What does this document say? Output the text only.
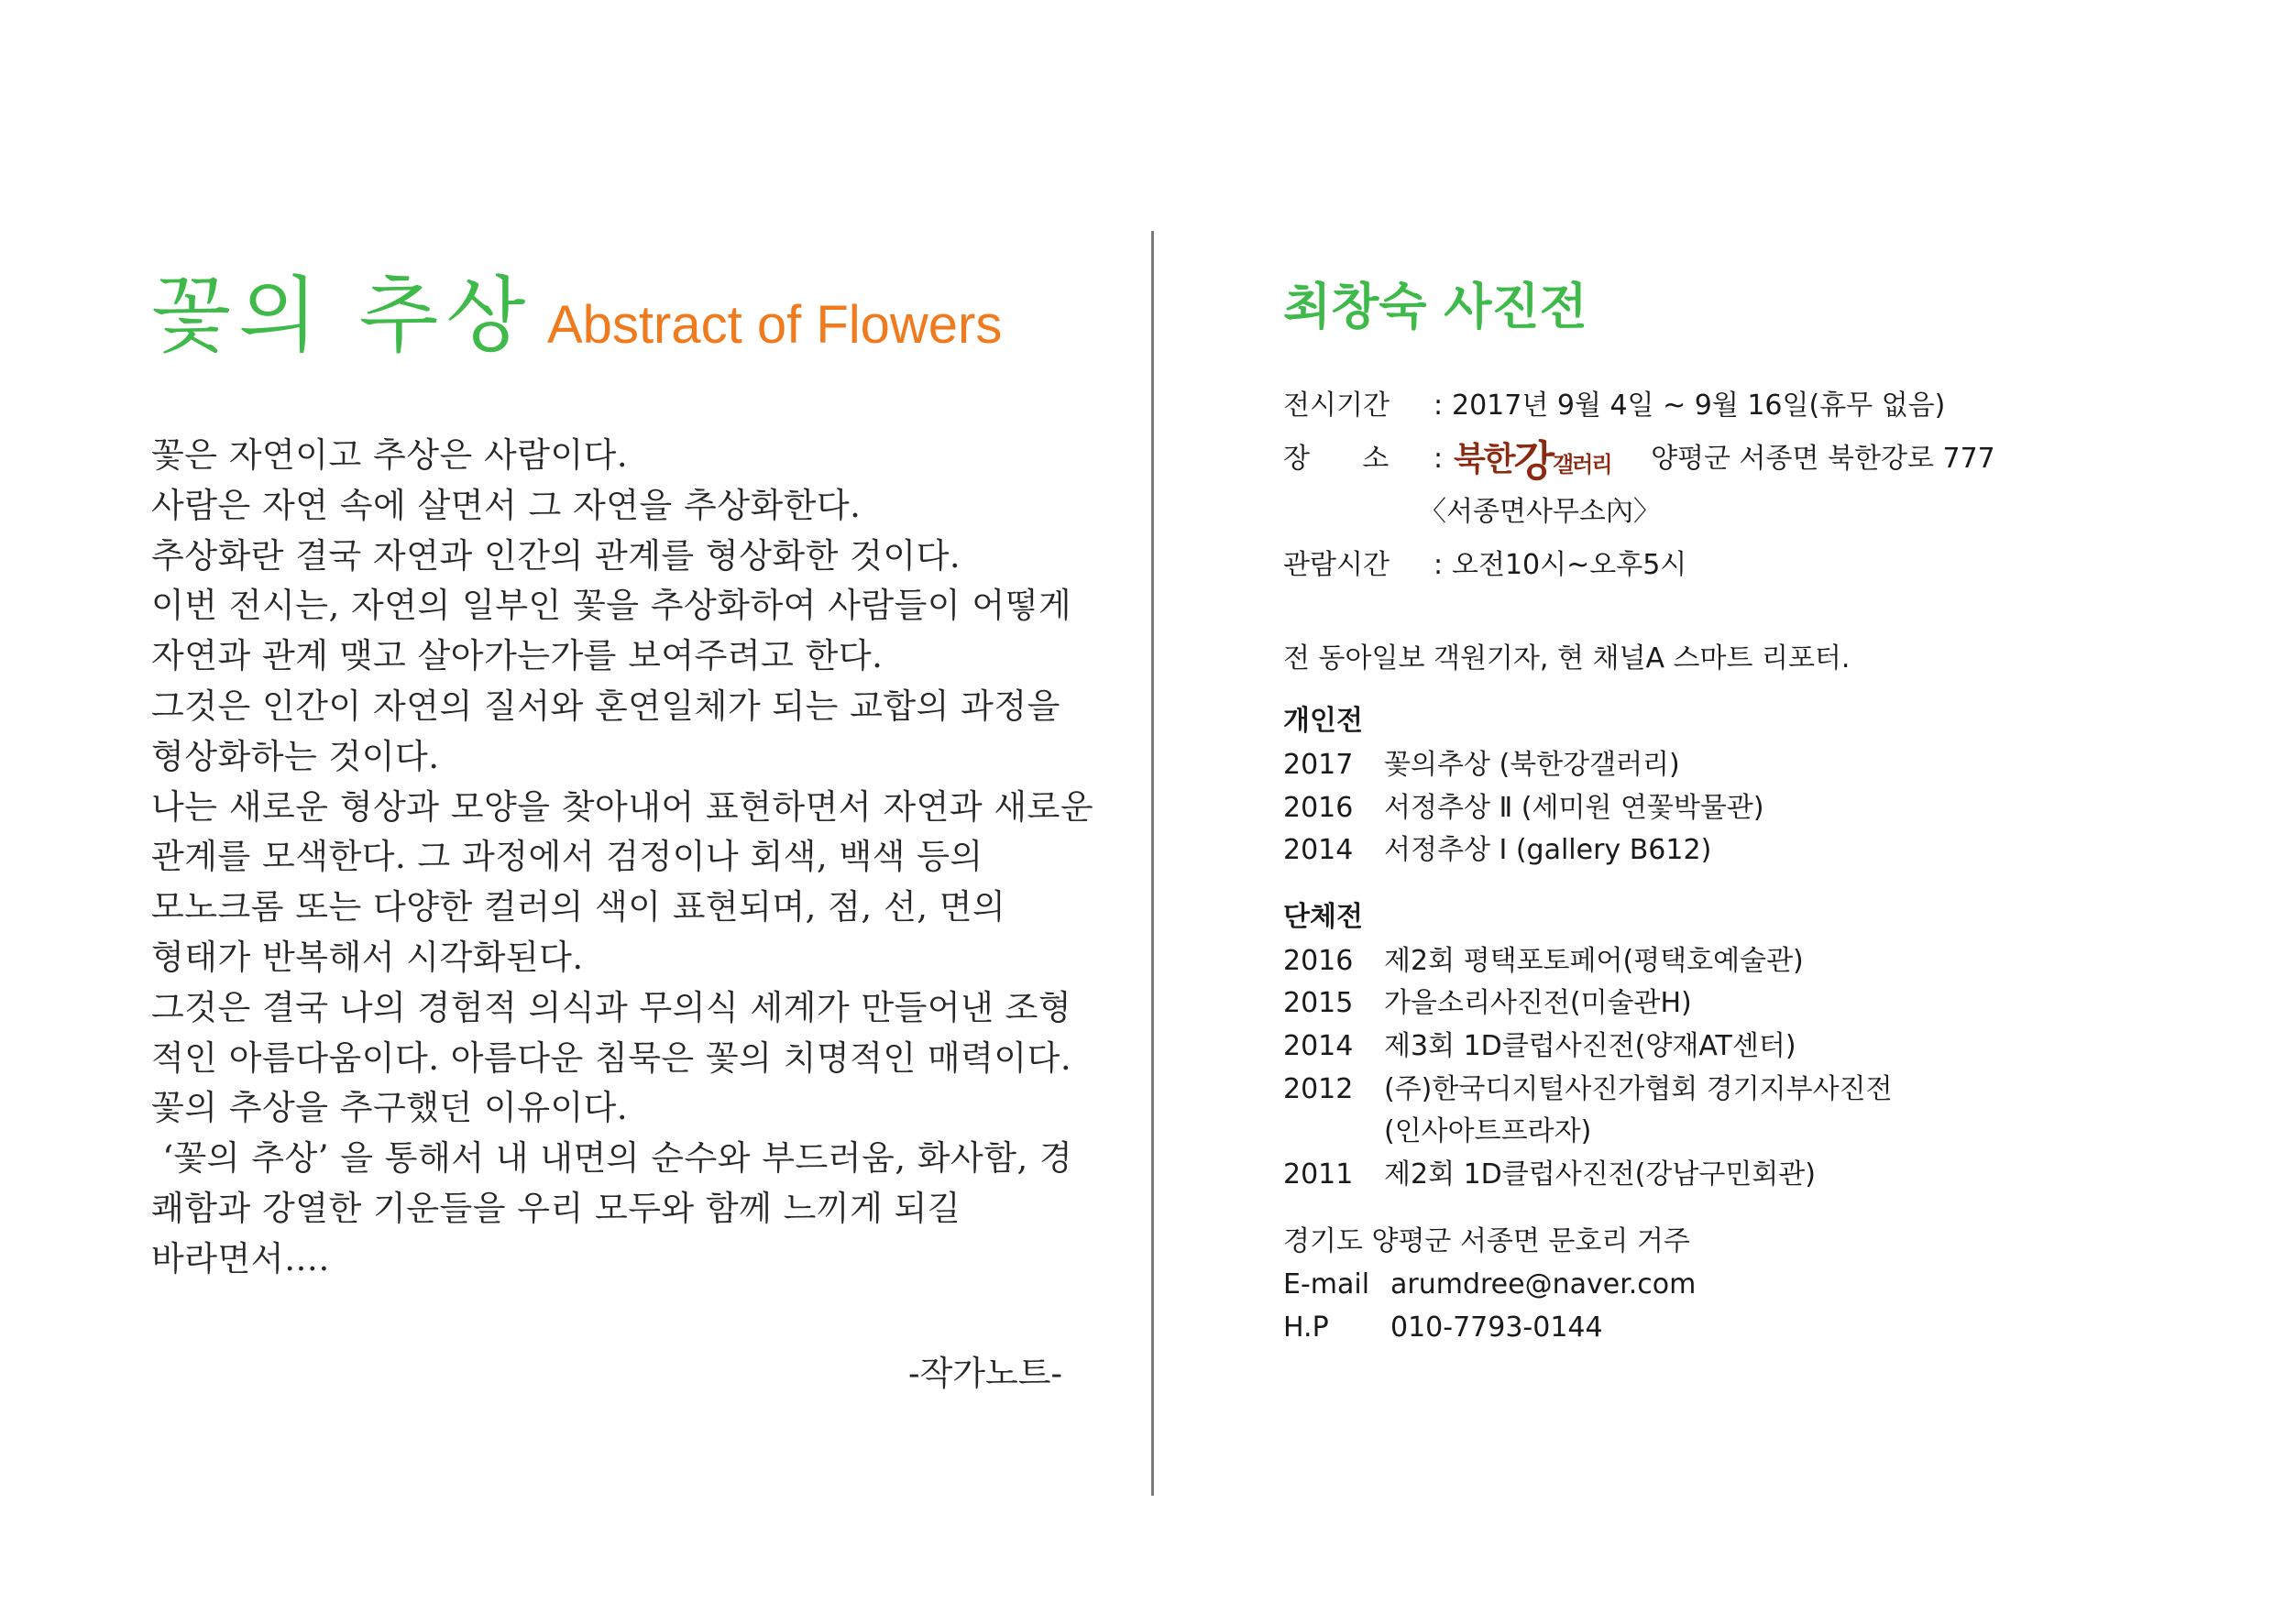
꽃의 추상 Abstract of Flowers
꽃은 자연이고 추상은 사람이다.
사람은 자연 속에 살면서 그 자연을 추상화한다.
추상화란 결국 자연과 인간의 관계를 형상화한 것이다.
이번 전시는, 자연의 일부인 꽃을 추상화하여 사람들이 어떻게
자연과 관계 맺고 살아가는가를 보여주려고 한다.
그것은 인간이 자연의 질서와 혼연일체가 되는 교합의 과정을
형상화하는 것이다.
나는 새로운 형상과 모양을 찾아내어 표현하면서 자연과 새로운
관계를 모색한다. 그 과정에서 검정이나 회색, 백색 등의
모노크롬 또는 다양한 컬러의 색이 표현되며, 점, 선, 면의
형태가 반복해서 시각화된다.
그것은 결국 나의 경험적 의식과 무의식 세계가 만들어낸 조형
적인 아름다움이다. 아름다운 침묵은 꽃의 치명적인 매력이다.
꽃의 추상을 추구했던 이유이다.
‘꽃의 추상’ 을 통해서 내 내면의 순수와 부드러움, 화사함, 경
쾌함과 강열한 기운들을 우리 모두와 함께 느끼게 되길
바라면서….
-작가노트-
최창숙 사진전
전시기간 : 2017년 9월 4일 ~ 9월 16일(휴무 없음)
장      소 : 북한강갤러리 양평군 서종면 북한강로 777
〈서종면사무소內〉
관람시간 : 오전10시~오후5시
전 동아일보 객원기자, 현 채널A 스마트 리포터.
개인전
2017 꽃의추상 (북한강갤러리)
2016 서정추상 Ⅱ (세미원 연꽃박물관)
2014 서정추상 Ⅰ (gallery B612)
단체전
2016 제2회 평택포토페어(평택호예술관)
2015 가을소리사진전(미술관H)
2014 제3회 1D클럽사진전(양재AT센터)
2012 (주)한국디지털사진가협회 경기지부사진전
(인사아트프라자)
2011 제2회 1D클럽사진전(강남구민회관)
경기도 양평군 서종면 문호리 거주
E-mail arumdree@naver.com
H.P 010-7793-0144
